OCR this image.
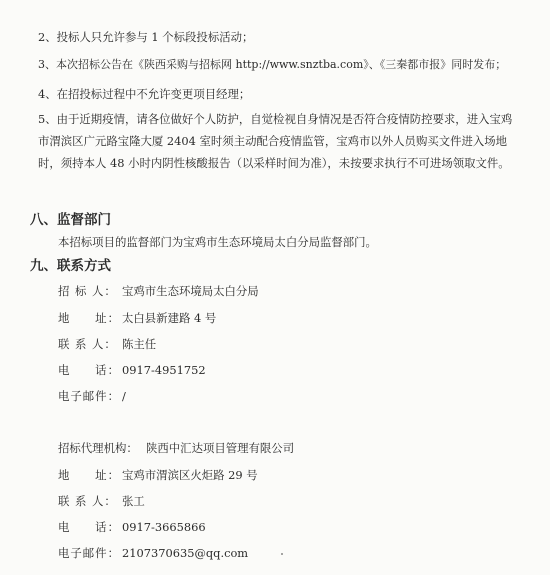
2、投标人只允许参与 1 个标段投标活动；
3、本次招标公告在《陕西采购与招标网 http://www.snztba.com》、《三秦都市报》同时发布；
4、在招投标过程中不允许变更项目经理；
5、由于近期疫情，请各位做好个人防护，自觉检视自身情况是否符合疫情防控要求，进入宝鸡市渭滨区广元路宝隆大厦 2404 室时须主动配合疫情监管，宝鸡市以外人员购买文件进入场地时，须持本人 48 小时内阴性核酸报告（以采样时间为准），未按要求执行不可进场领取文件。
八、监督部门
本招标项目的监督部门为宝鸡市生态环境局太白分局监督部门。
九、联系方式
招 标 人： 宝鸡市生态环境局太白分局
地　　址： 太白县新建路 4 号
联 系 人： 陈主任
电　　话： 0917-4951752
电子邮件： /
招标代理机构： 陕西中汇达项目管理有限公司
地　　址： 宝鸡市渭滨区火炬路 29 号
联 系 人： 张工
电　　话： 0917-3665866
电子邮件： 2107370635@qq.com
